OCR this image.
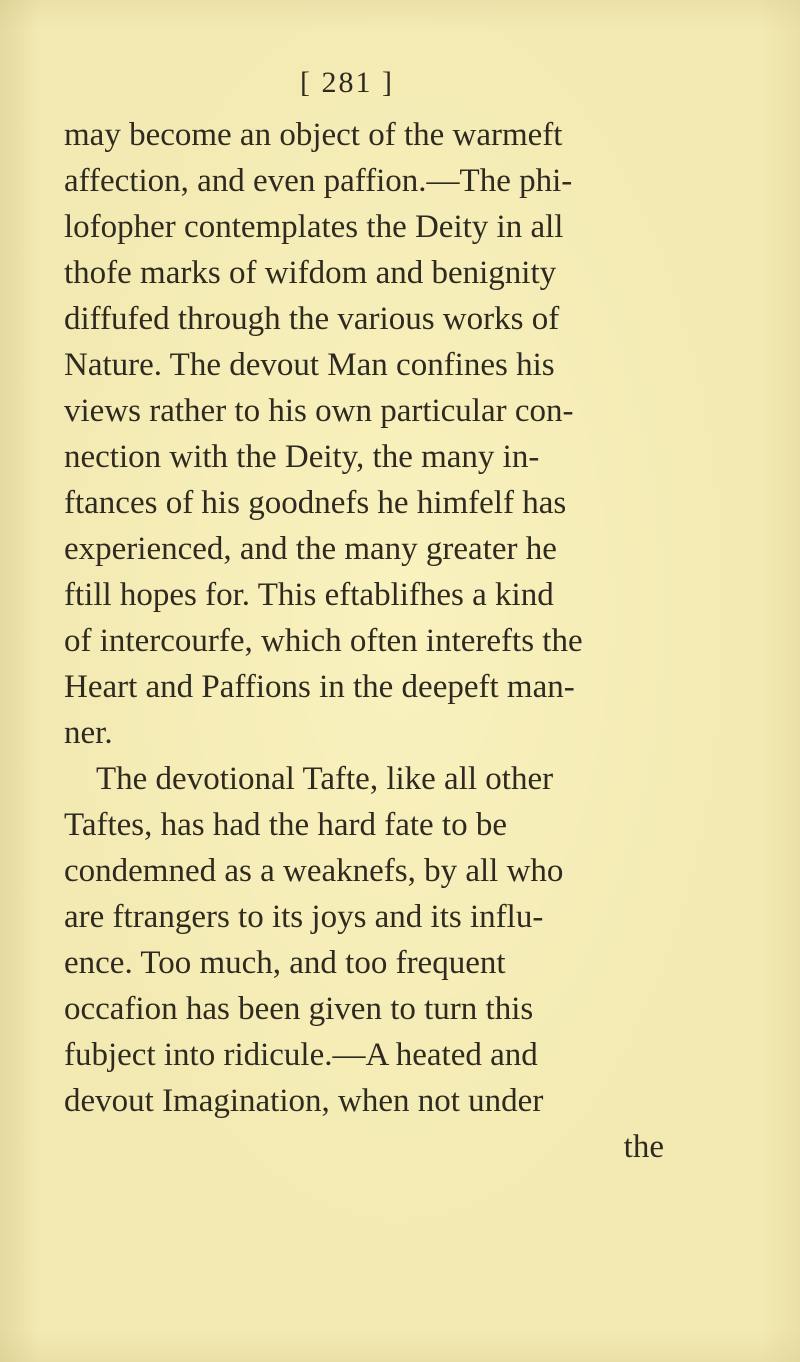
[ 281 ]
may become an object of the warmeft
affection, and even paffion.—The phi-
lofopher contemplates the Deity in all
thofe marks of wifdom and benignity
diffufed through the various works of
Nature. The devout Man confines his
views rather to his own particular con-
nection with the Deity, the many in-
ftances of his goodnefs he himfelf has
experienced, and the many greater he
ftill hopes for. This eftablifhes a kind
of intercourfe, which often interefts the
Heart and Paffions in the deepeft man-
ner.
The devotional Tafte, like all other
Taftes, has had the hard fate to be
condemned as a weaknefs, by all who
are ftrangers to its joys and its influ-
ence. Too much, and too frequent
occafion has been given to turn this
fubject into ridicule.—A heated and
devout Imagination, when not under
the
